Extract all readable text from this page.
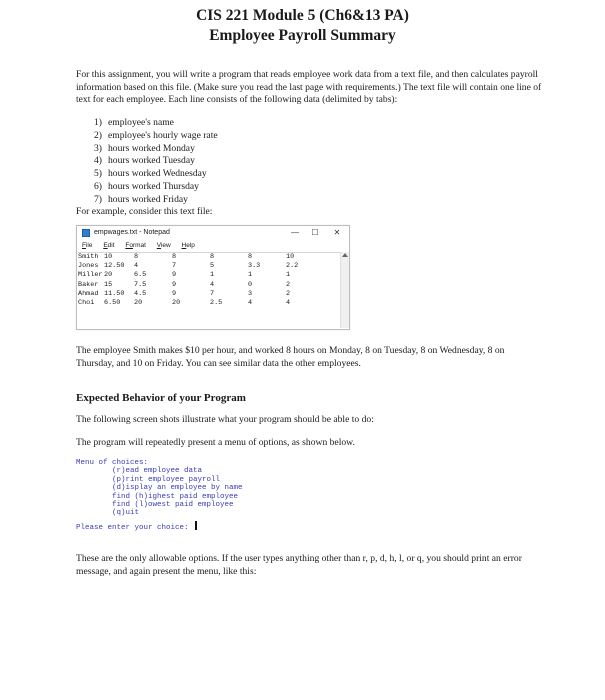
CIS 221 Module 5 (Ch6&13 PA)
Employee Payroll Summary
For this assignment, you will write a program that reads employee work data from a text file, and then calculates payroll information based on this file. (Make sure you read the last page with requirements.) The text file will contain one line of text for each employee. Each line consists of the following data (delimited by tabs):
1) employee's name
2) employee's hourly wage rate
3) hours worked Monday
4) hours worked Tuesday
5) hours worked Wednesday
6) hours worked Thursday
7) hours worked Friday
For example, consider this text file:
empwages.txt - Notepad	—	☐	✕
File Edit Format View Help
Smith	10	8	8	8	8	10
Jones	12.50	4	7	5	3.3	2.2
Miller	20	6.5	9	1	1	1
Baker	15	7.5	9	4	0	2
Ahmad	11.50	4.5	9	7	3	2
Choi	6.50	20	20	2.5	4	4
The employee Smith makes $10 per hour, and worked 8 hours on Monday, 8 on Tuesday, 8 on Wednesday, 8 on Thursday, and 10 on Friday. You can see similar data the other employees.
Expected Behavior of your Program
The following screen shots illustrate what your program should be able to do:
The program will repeatedly present a menu of options, as shown below.
Menu of choices:
(r)ead employee data
(p)rint employee payroll
(d)isplay an employee by name
find (h)ighest paid employee
find (l)owest paid employee
(q)uit
Please enter your choice:
These are the only allowable options. If the user types anything other than r, p, d, h, l, or q, you should print an error message, and again present the menu, like this:
